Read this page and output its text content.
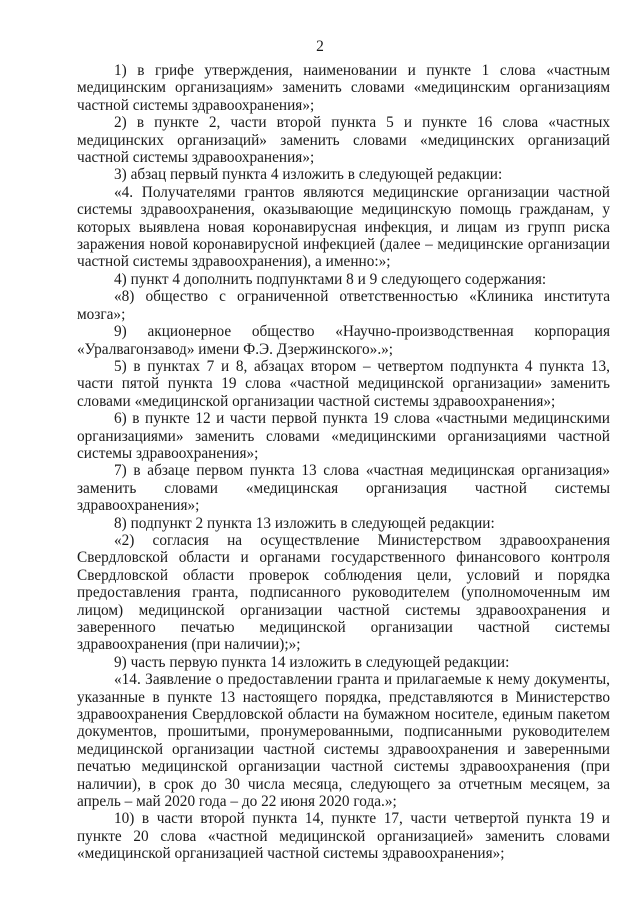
2

1) в грифе утверждения, наименовании и пункте 1 слова «частным медицинским организациям» заменить словами «медицинским организациям частной системы здравоохранения»;

2) в пункте 2, части второй пункта 5 и пункте 16 слова «частных медицинских организаций» заменить словами «медицинских организаций частной системы здравоохранения»;

3) абзац первый пункта 4 изложить в следующей редакции:

«4. Получателями грантов являются медицинские организации частной системы здравоохранения, оказывающие медицинскую помощь гражданам, у которых выявлена новая коронавирусная инфекция, и лицам из групп риска заражения новой коронавирусной инфекцией (далее – медицинские организации частной системы здравоохранения), а именно:»;

4) пункт 4 дополнить подпунктами 8 и 9 следующего содержания:

«8) общество с ограниченной ответственностью «Клиника института мозга»;

9) акционерное общество «Научно-производственная корпорация «Уралвагонзавод» имени Ф.Э. Дзержинского».»;

5) в пунктах 7 и 8, абзацах втором – четвертом подпункта 4 пункта 13, части пятой пункта 19 слова «частной медицинской организации» заменить словами «медицинской организации частной системы здравоохранения»;

6) в пункте 12 и части первой пункта 19 слова «частными медицинскими организациями» заменить словами «медицинскими организациями частной системы здравоохранения»;

7) в абзаце первом пункта 13 слова «частная медицинская организация» заменить словами «медицинская организация частной системы здравоохранения»;

8) подпункт 2 пункта 13 изложить в следующей редакции:

«2) согласия на осуществление Министерством здравоохранения Свердловской области и органами государственного финансового контроля Свердловской области проверок соблюдения цели, условий и порядка предоставления гранта, подписанного руководителем (уполномоченным им лицом) медицинской организации частной системы здравоохранения и заверенного печатью медицинской организации частной системы здравоохранения (при наличии);»;

9) часть первую пункта 14 изложить в следующей редакции:

«14. Заявление о предоставлении гранта и прилагаемые к нему документы, указанные в пункте 13 настоящего порядка, представляются в Министерство здравоохранения Свердловской области на бумажном носителе, единым пакетом документов, прошитыми, пронумерованными, подписанными руководителем медицинской организации частной системы здравоохранения и заверенными печатью медицинской организации частной системы здравоохранения (при наличии), в срок до 30 числа месяца, следующего за отчетным месяцем, за апрель – май 2020 года – до 22 июня 2020 года.»;

10) в части второй пункта 14, пункте 17, части четвертой пункта 19 и пункте 20 слова «частной медицинской организацией» заменить словами «медицинской организацией частной системы здравоохранения»;
